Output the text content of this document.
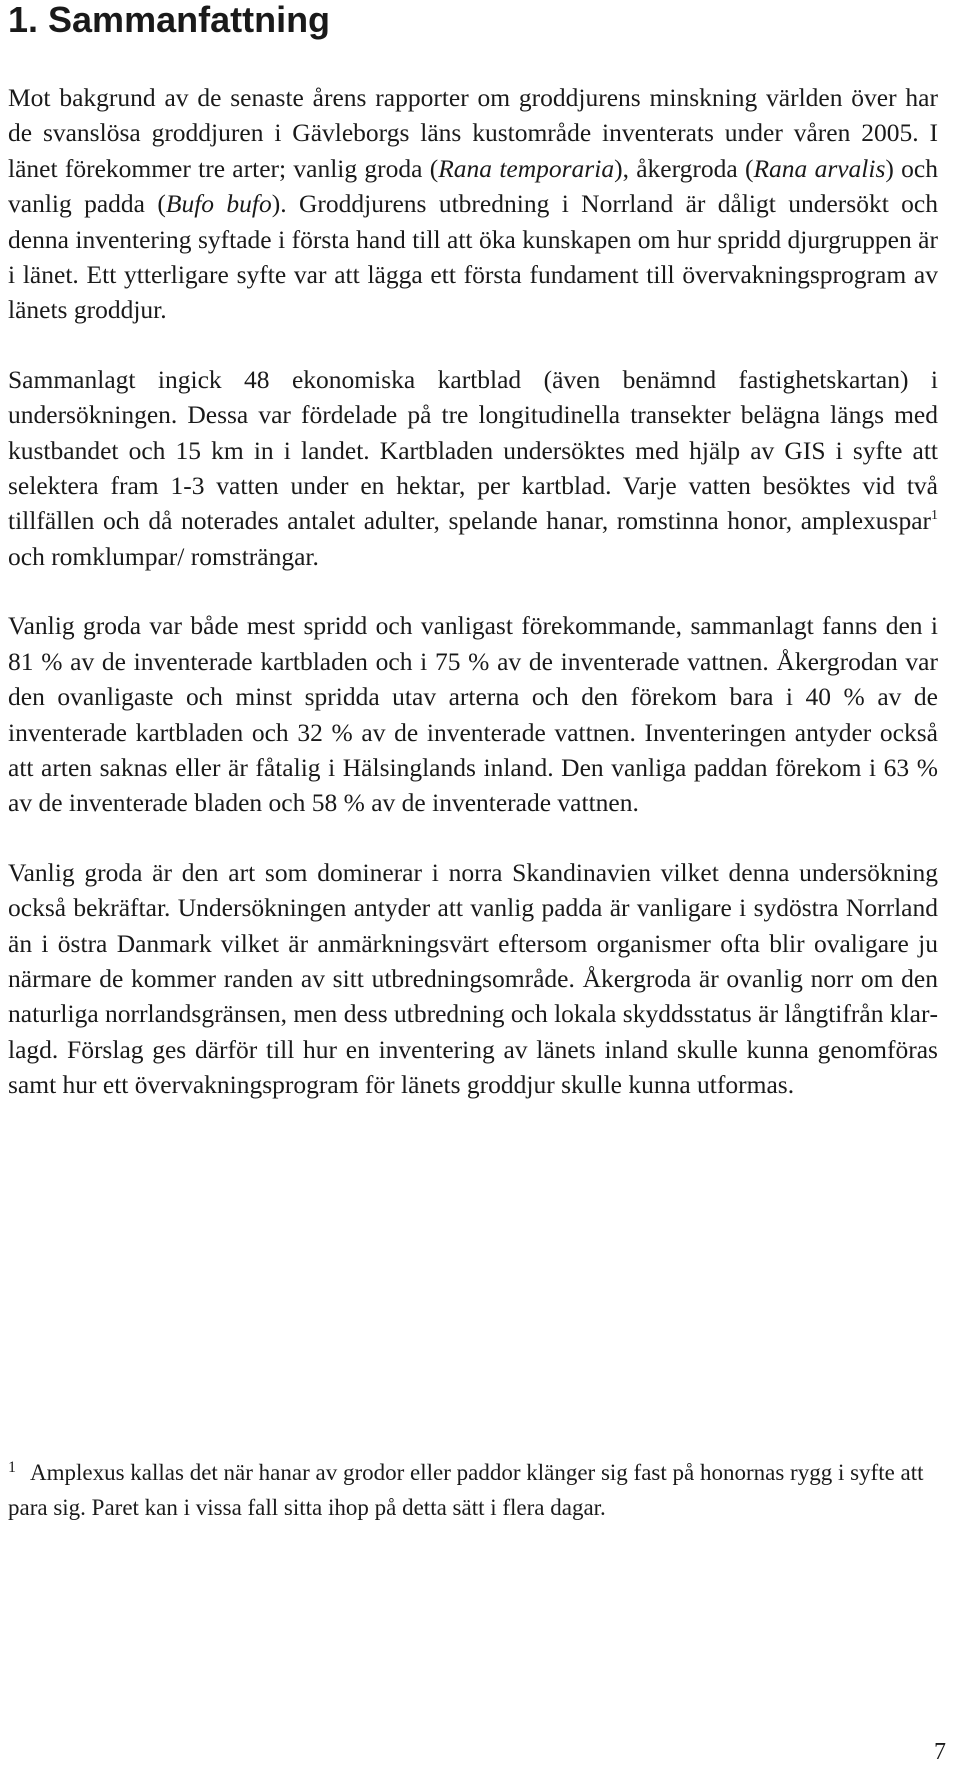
1. Sammanfattning

Mot bakgrund av de senaste årens rapporter om groddjurens minskning världen över har de svanslösa groddjuren i Gävleborgs läns kustområde inventerats under våren 2005. I länet förekommer tre arter; vanlig groda (Rana temporaria), åkergroda (Rana arvalis) och vanlig padda (Bufo bufo). Groddjurens utbredning i Norrland är dåligt undersökt och denna inventering syftade i första hand till att öka kunskapen om hur spridd djurgruppen är i länet. Ett ytterligare syfte var att lägga ett första fundament till övervakningsprogram av länets groddjur.

Sammanlagt ingick 48 ekonomiska kartblad (även benämnd fastighetskartan) i undersökningen. Dessa var fördelade på tre longitudinella transekter belägna längs med kustbandet och 15 km in i landet. Kartbladen undersöktes med hjälp av GIS i syfte att selektera fram 1-3 vatten under en hektar, per kartblad. Varje vatten besöktes vid två tillfällen och då noterades antalet adulter, spelande hanar, romstinna honor, amplexuspar$^1$ och romklumpar/ romsträngar.

Vanlig groda var både mest spridd och vanligast förekommande, sammanlagt fanns den i 81 % av de inventerade kartbladen och i 75 % av de inventerade vattnen. Åkergrodan var den ovanligaste och minst spridda utav arterna och den förekom bara i 40 % av de inventerade kartbladen och 32 % av de inventerade vattnen. Inventeringen antyder också att arten saknas eller är fåtalig i Hälsinglands inland. Den vanliga paddan förekom i 63 % av de inventerade bladen och 58 % av de inventerade vattnen.

Vanlig groda är den art som dominerar i norra Skandinavien vilket denna undersökning också bekräftar. Undersökningen antyder att vanlig padda är vanligare i sydöstra Norrland än i östra Danmark vilket är anmärkningsvärt eftersom organismer ofta blir ovaligare ju närmare de kommer randen av sitt utbredningsområde. Åkergroda är ovanlig norr om den naturliga norrlandsgränsen, men dess utbredning och lokala skyddsstatus är långtifrån klarlagd. Förslag ges därför till hur en inventering av länets inland skulle kunna genomföras samt hur ett övervakningsprogram för länets groddjur skulle kunna utformas.

1 Amplexus kallas det när hanar av grodor eller paddor klänger sig fast på honornas rygg i syfte att para sig. Paret kan i vissa fall sitta ihop på detta sätt i flera dagar.

7
